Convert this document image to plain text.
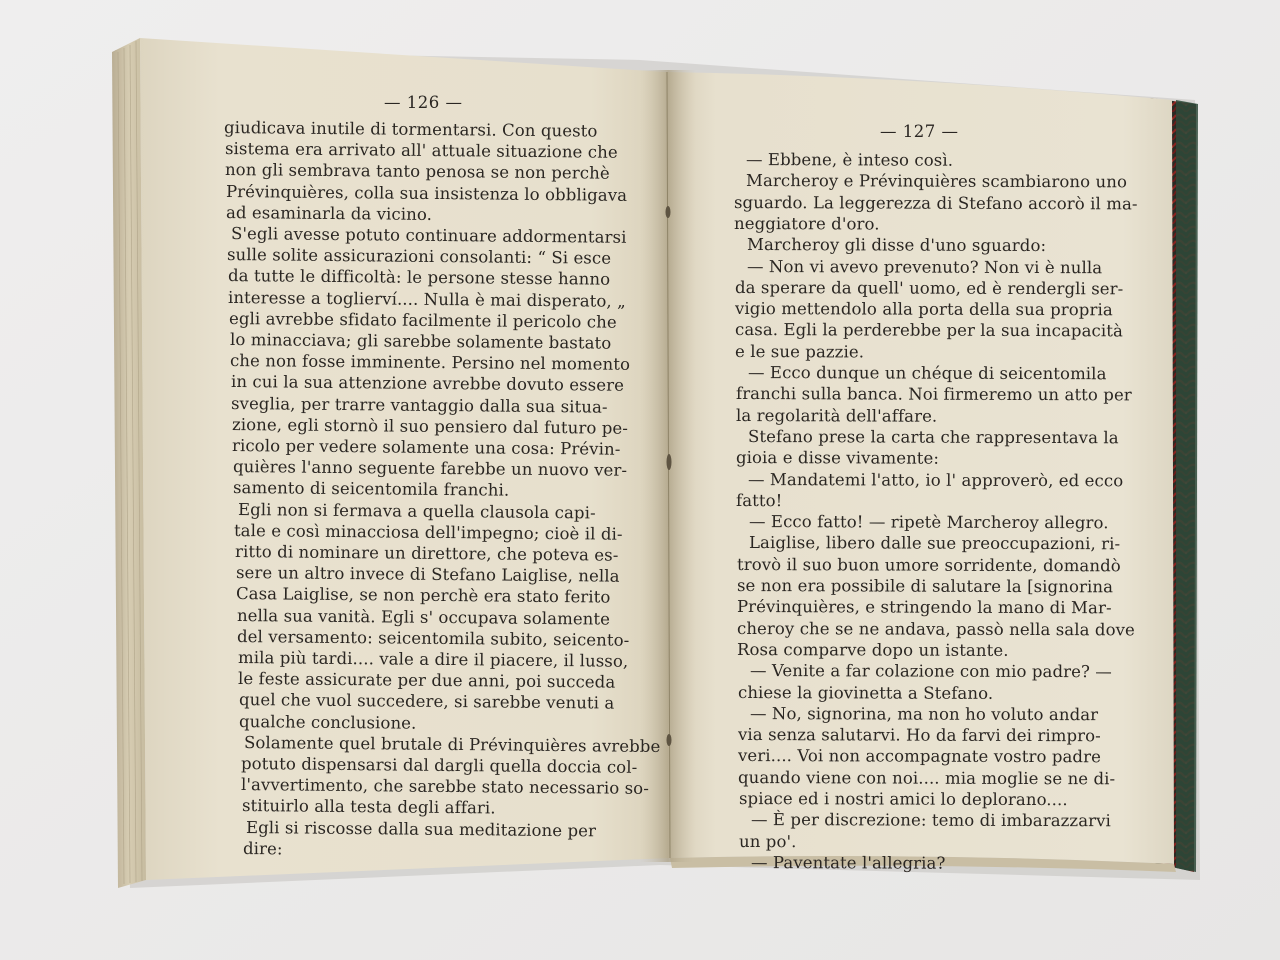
— 126 —
giudicava inutile di tormentarsi. Con questo
sistema era arrivato all' attuale situazione che
non gli sembrava tanto penosa se non perchè
Prévinquières, colla sua insistenza lo obbligava
ad esaminarla da vicino.
S'egli avesse potuto continuare addormentarsi
sulle solite assicurazioni consolanti: “ Si esce
da tutte le difficoltà: le persone stesse hanno
interesse a toglierví.... Nulla è mai disperato, „
egli avrebbe sfidato facilmente il pericolo che
lo minacciava; gli sarebbe solamente bastato
che non fosse imminente. Persino nel momento
in cui la sua attenzione avrebbe dovuto essere
sveglia, per trarre vantaggio dalla sua situa-
zione, egli stornò il suo pensiero dal futuro pe-
ricolo per vedere solamente una cosa: Prévin-
quières l'anno seguente farebbe un nuovo ver-
samento di seicentomila franchi.
Egli non si fermava a quella clausola capi-
tale e così minacciosa dell'impegno; cioè il di-
ritto di nominare un direttore, che poteva es-
sere un altro invece di Stefano Laiglise, nella
Casa Laiglise, se non perchè era stato ferito
nella sua vanità. Egli s' occupava solamente
del versamento: seicentomila subito, seicento-
mila più tardi.... vale a dire il piacere, il lusso,
le feste assicurate per due anni, poi succeda
quel che vuol succedere, si sarebbe venuti a
qualche conclusione.
Solamente quel brutale di Prévinquières avrebbe
potuto dispensarsi dal dargli quella doccia col-
l'avvertimento, che sarebbe stato necessario so-
stituirlo alla testa degli affari.
Egli si riscosse dalla sua meditazione per
dire:
— 127 —
— Ebbene, è inteso così.
Marcheroy e Prévinquières scambiarono uno
sguardo. La leggerezza di Stefano accorò il ma-
neggiatore d'oro.
Marcheroy gli disse d'uno sguardo:
— Non vi avevo prevenuto? Non vi è nulla
da sperare da quell' uomo, ed è rendergli ser-
vigio mettendolo alla porta della sua propria
casa. Egli la perderebbe per la sua incapacità
e le sue pazzie.
— Ecco dunque un chéque di seicentomila
franchi sulla banca. Noi firmeremo un atto per
la regolarità dell'affare.
Stefano prese la carta che rappresentava la
gioia e disse vivamente:
— Mandatemi l'atto, io l' approverò, ed ecco
fatto!
— Ecco fatto! — ripetè Marcheroy allegro.
Laiglise, libero dalle sue preoccupazioni, ri-
trovò il suo buon umore sorridente, domandò
se non era possibile di salutare la [signorina
Prévinquières, e stringendo la mano di Mar-
cheroy che se ne andava, passò nella sala dove
Rosa comparve dopo un istante.
— Venite a far colazione con mio padre? —
chiese la giovinetta a Stefano.
— No, signorina, ma non ho voluto andar
via senza salutarvi. Ho da farvi dei rimpro-
veri.... Voi non accompagnate vostro padre
quando viene con noi.... mia moglie se ne di-
spiace ed i nostri amici lo deplorano....
— È per discrezione: temo di imbarazzarvi
un po'.
— Paventate l'allegria?
